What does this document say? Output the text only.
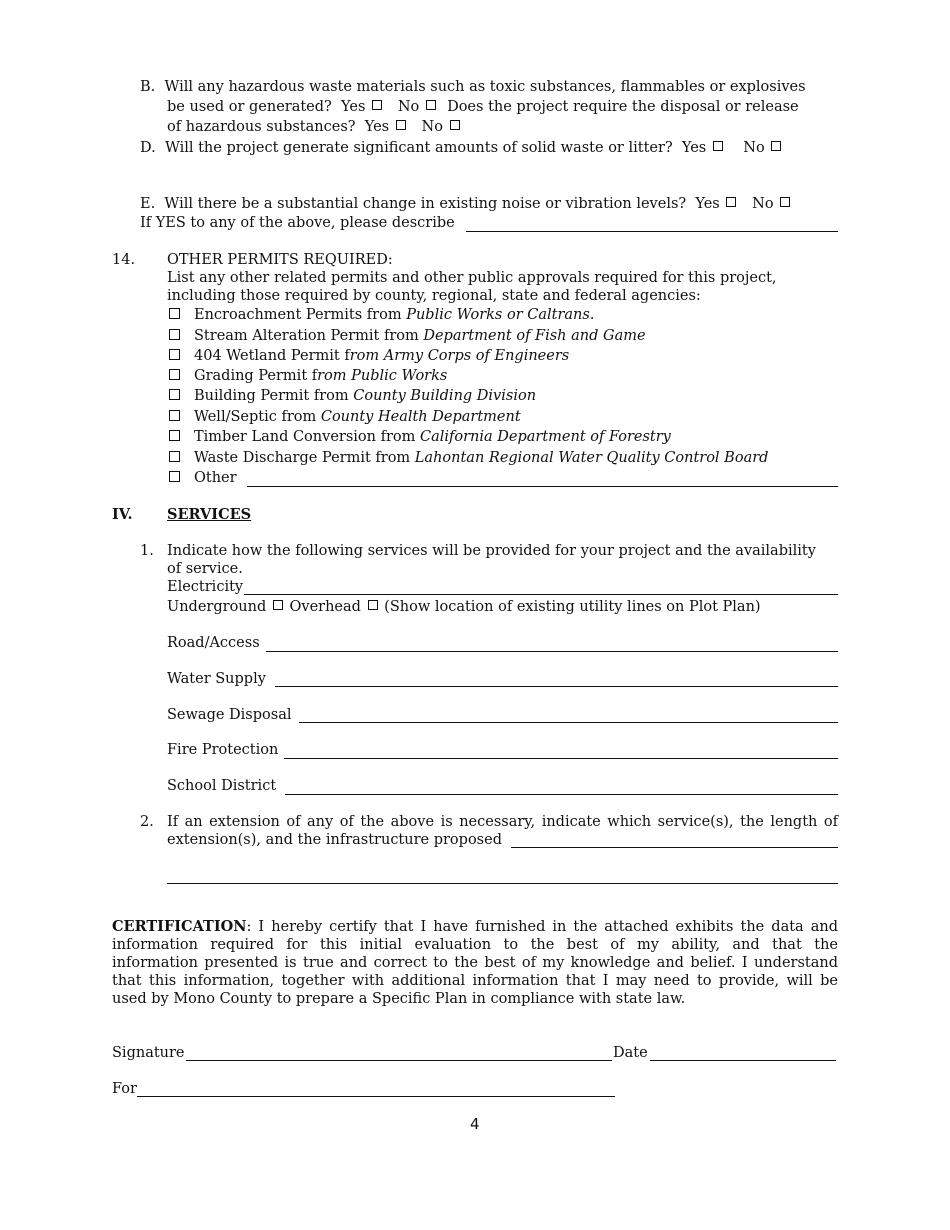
B. Will any hazardous waste materials such as toxic substances, flammables or explosives
be used or generated? Yes No Does the project require the disposal or release
of hazardous substances? Yes No
D. Will the project generate significant amounts of solid waste or litter? Yes	No
E. Will there be a substantial change in existing noise or vibration levels? Yes No
If YES to any of the above, please describe
14. OTHER PERMITS REQUIRED:
List any other related permits and other public approvals required for this project,
including those required by county, regional, state and federal agencies:
Encroachment Permits from Public Works or Caltrans.
Stream Alteration Permit from Department of Fish and Game
404 Wetland Permit from Army Corps of Engineers
Grading Permit from Public Works
Building Permit from County Building Division
Well/Septic from County Health Department
Timber Land Conversion from California Department of Forestry
Waste Discharge Permit from Lahontan Regional Water Quality Control Board
Other
IV. SERVICES
1. Indicate how the following services will be provided for your project and the availability
of service.
Electricity
Underground Overhead (Show location of existing utility lines on Plot Plan)
Road/Access
Water Supply
Sewage Disposal
Fire Protection
School District
2. If an extension of any of the above is necessary, indicate which service(s), the length of
extension(s), and the infrastructure proposed
CERTIFICATION: I hereby certify that I have furnished in the attached exhibits the data and
information required for this initial evaluation to the best of my ability, and that the
information presented is true and correct to the best of my knowledge and belief. I understand
that this information, together with additional information that I may need to provide, will be
used by Mono County to prepare a Specific Plan in compliance with state law.
Signature	Date
For
4
